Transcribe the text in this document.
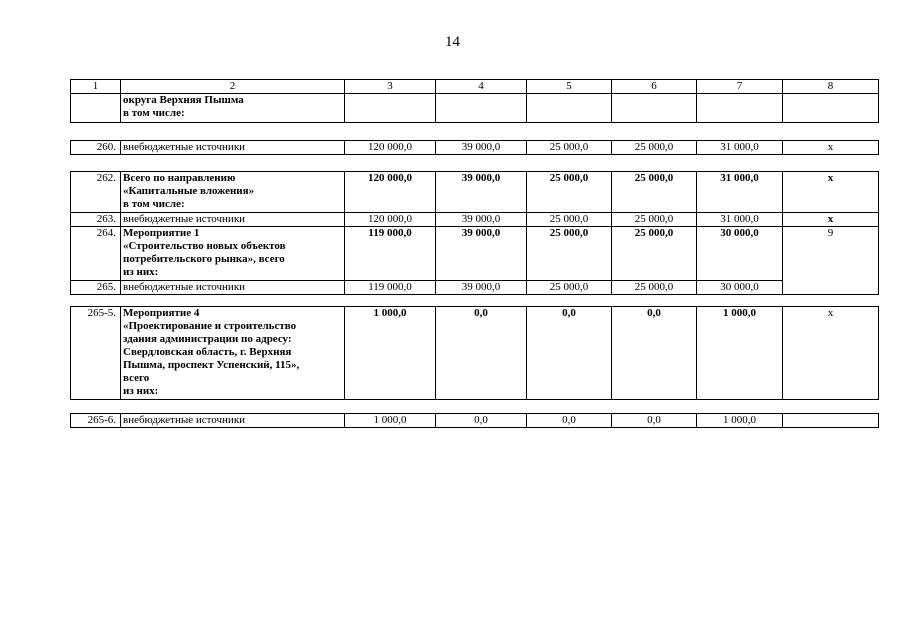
14
1	2	3	4	5	6	7	8
	округа Верхняя Пышма
в том числе:						
260.	внебюджетные источники	120 000,0	39 000,0	25 000,0	25 000,0	31 000,0	x
262.	Всего по направлению
«Капитальные вложения»
в том числе:	120 000,0	39 000,0	25 000,0	25 000,0	31 000,0	x
263.	внебюджетные источники	120 000,0	39 000,0	25 000,0	25 000,0	31 000,0	x
264.	Мероприятие 1
«Строительство новых объектов
потребительского рынка», всего
из них:	119 000,0	39 000,0	25 000,0	25 000,0	30 000,0	9
265.	внебюджетные источники	119 000,0	39 000,0	25 000,0	25 000,0	30 000,0	
265-5.	Мероприятие 4
«Проектирование и строительство
здания администрации по адресу:
Свердловская область, г. Верхняя
Пышма, проспект Успенский, 115»,
всего
из них:	1 000,0	0,0	0,0	0,0	1 000,0	x
265-6.	внебюджетные источники	1 000,0	0,0	0,0	0,0	1 000,0	
